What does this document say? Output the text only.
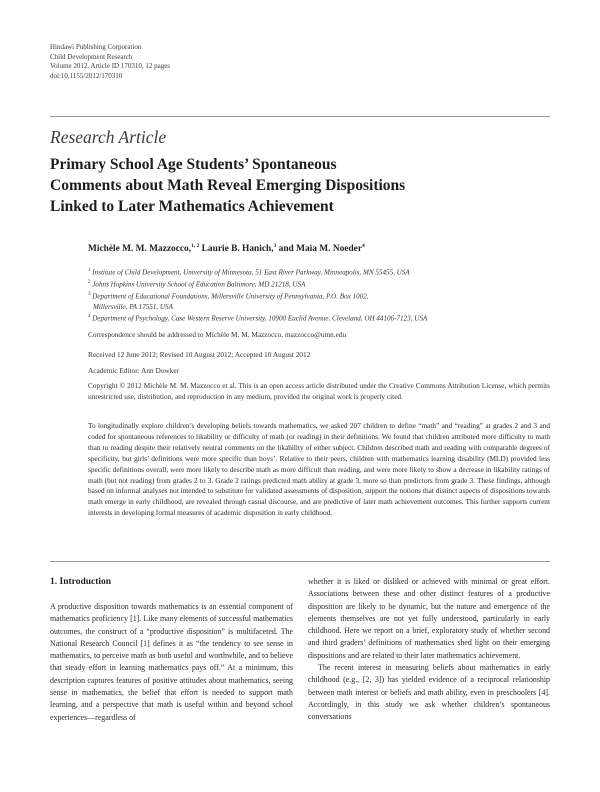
Hindawi Publishing Corporation
Child Development Research
Volume 2012, Article ID 170310, 12 pages
doi:10.1155/2012/170310
Research Article
Primary School Age Students’ Spontaneous
Comments about Math Reveal Emerging Dispositions
Linked to Later Mathematics Achievement
Michèle M. M. Mazzocco,$^{1, 2}$ Laurie B. Hanich,$^3$ and Maia M. Noeder$^4$
$^1$ Institute of Child Development, University of Minnesota, 51 East River Parkway, Minneapolis, MN 55455, USA
$^2$ Johns Hopkins University School of Education Baltimore, MD 21218, USA
$^3$ Department of Educational Foundations, Millersville University of Pennsylvania, P.O. Box 1002,
Millersville, PA 17551, USA
$^4$ Department of Psychology, Case Western Reserve University, 10900 Euclid Avenue, Cleveland, OH 44106-7123, USA
Correspondence should be addressed to Michèle M. M. Mazzocco, mazzocco@umn.edu
Received 12 June 2012; Revised 10 August 2012; Accepted 10 August 2012
Academic Editor: Ann Dowker
Copyright © 2012 Michèle M. M. Mazzocco et al. This is an open access article distributed under the Creative Commons Attribution License, which permits unrestricted use, distribution, and reproduction in any medium, provided the original work is properly cited.
To longitudinally explore children’s developing beliefs towards mathematics, we asked 207 children to define “math” and “reading” at grades 2 and 3 and coded for spontaneous references to likability or difficulty of math (or reading) in their definitions. We found that children attributed more difficulty to math than to reading despite their relatively neutral comments on the likability of either subject. Children described math and reading with comparable degrees of specificity, but girls’ definitions were more specific than boys’. Relative to their peers, children with mathematics learning disability (MLD) provided less specific definitions overall, were more likely to describe math as more difficult than reading, and were more likely to show a decrease in likability ratings of math (but not reading) from grades 2 to 3. Grade 2 ratings predicted math ability at grade 3, more so than predictors from grade 3. These findings, although based on informal analyses not intended to substitute for validated assessments of disposition, support the notions that distinct aspects of dispositions towards math emerge in early childhood, are revealed through casual discourse, and are predictive of later math achievement outcomes. This further supports current interests in developing formal measures of academic disposition in early childhood.
1. Introduction

A productive disposition towards mathematics is an essential component of mathematics proficiency [1]. Like many elements of successful mathematics outcomes, the construct of a “productive disposition” is multifaceted. The National Research Council [1] defines it as “the tendency to see sense in mathematics, to perceive math as both useful and worthwhile, and to believe that steady effort in learning mathematics pays off.” At a minimum, this description captures features of positive attitudes about mathematics, seeing sense in mathematics, the belief that effort is needed to support math learning, and a perspective that math is useful within and beyond school experiences—regardless of

whether it is liked or disliked or achieved with minimal or great effort. Associations between these and other distinct features of a productive disposition are likely to be dynamic, but the nature and emergence of the elements themselves are not yet fully understood, particularly in early childhood. Here we report on a brief, exploratory study of whether second and third graders’ definitions of mathematics shed light on their emerging dispositions and are related to their later mathematics achievement.

The recent interest in measuring beliefs about mathematics in early childhood (e.g., [2, 3]) has yielded evidence of a reciprocal relationship between math interest or beliefs and math ability, even in preschoolers [4]. Accordingly, in this study we ask whether children’s spontaneous conversations
